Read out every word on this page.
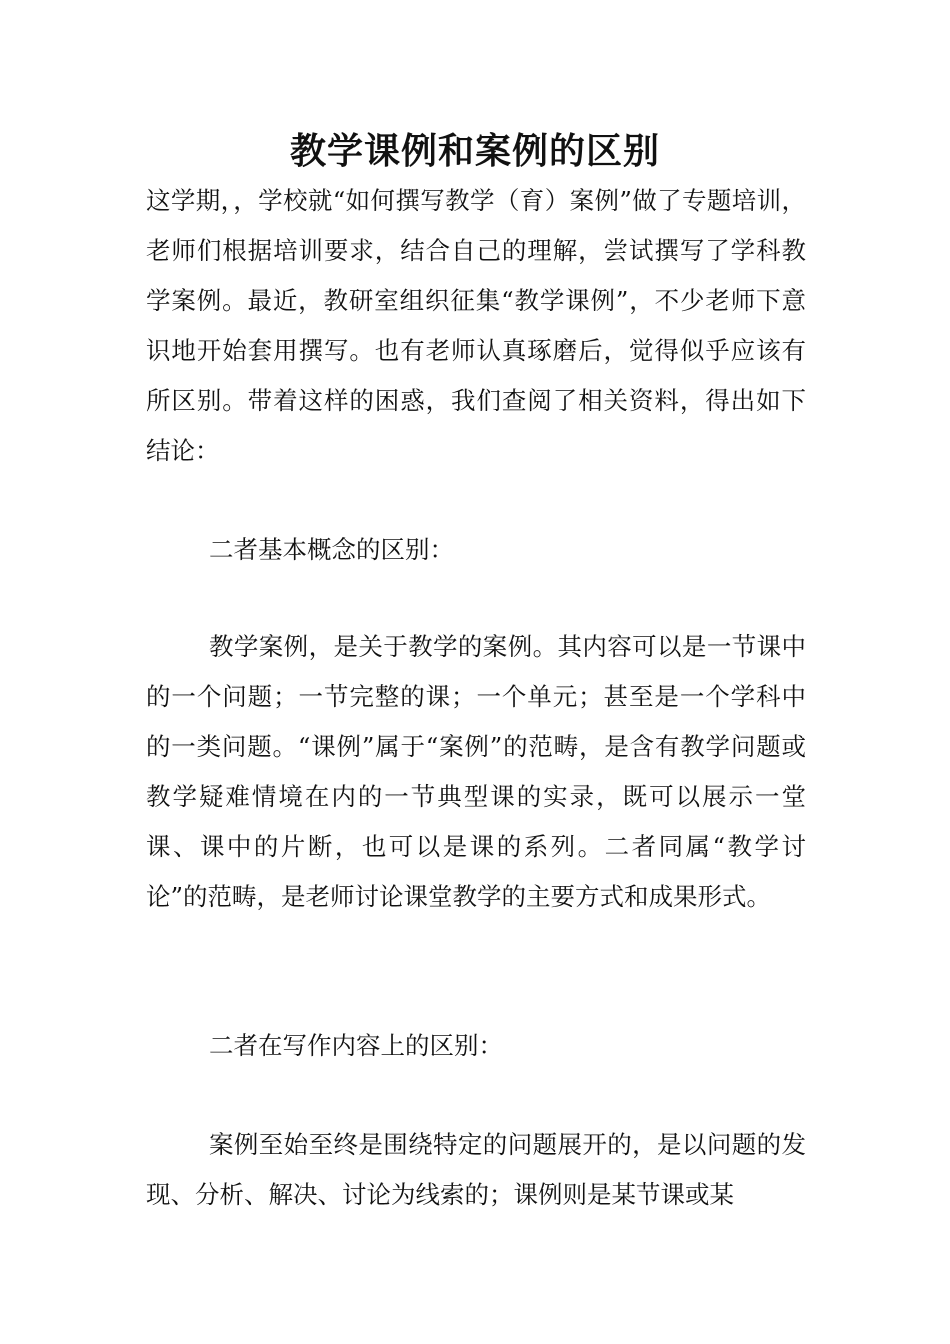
教学课例和案例的区别

这学期，，学校就“如何撰写教学（育）案例”做了专题培训，老师们根据培训要求，结合自己的理解，尝试撰写了学科教学案例。最近，教研室组织征集“教学课例”，不少老师下意识地开始套用撰写。也有老师认真琢磨后，觉得似乎应该有所区别。带着这样的困惑，我们查阅了相关资料，得出如下结论：

二者基本概念的区别：

教学案例，是关于教学的案例。其内容可以是一节课中的一个问题；一节完整的课；一个单元；甚至是一个学科中的一类问题。“课例”属于“案例”的范畴，是含有教学问题或教学疑难情境在内的一节典型课的实录，既可以展示一堂课、课中的片断，也可以是课的系列。二者同属“教学讨论”的范畴，是老师讨论课堂教学的主要方式和成果形式。

二者在写作内容上的区别：

案例至始至终是围绕特定的问题展开的，是以问题的发现、分析、解决、讨论为线索的；课例则是某节课或某
